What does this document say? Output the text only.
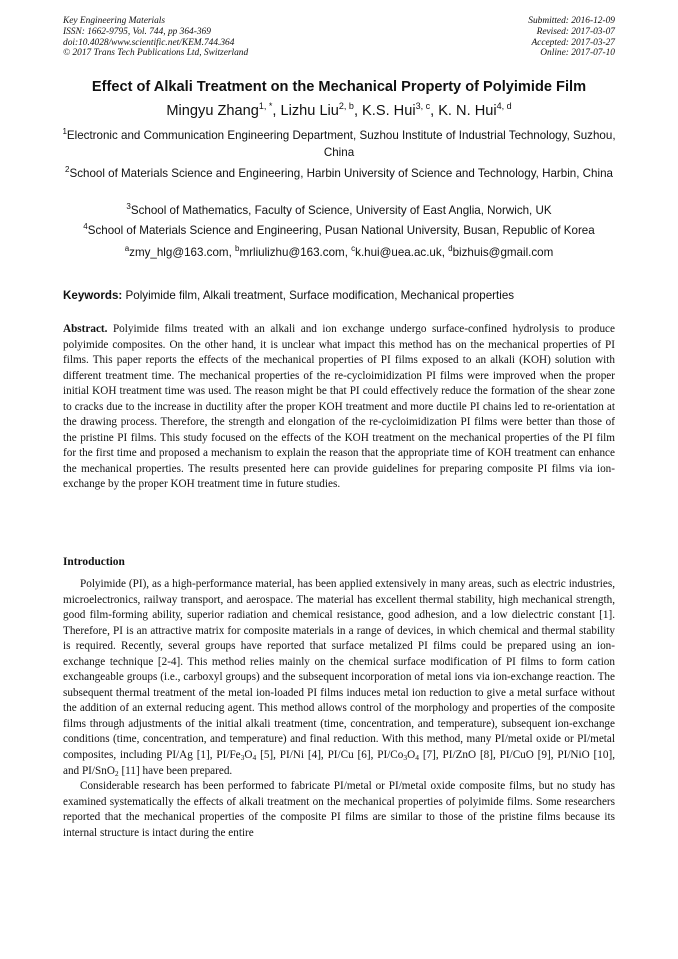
Key Engineering Materials
ISSN: 1662-9795, Vol. 744, pp 364-369
doi:10.4028/www.scientific.net/KEM.744.364
© 2017 Trans Tech Publications Ltd, Switzerland
Submitted: 2016-12-09
Revised: 2017-03-07
Accepted: 2017-03-27
Online: 2017-07-10
Effect of Alkali Treatment on the Mechanical Property of Polyimide Film
Mingyu Zhang$^{1, *}$, Lizhu Liu$^{2, b}$, K.S. Hui$^{3, c}$, K. N. Hui$^{4, d}$
$^1$Electronic and Communication Engineering Department, Suzhou Institute of Industrial Technology, Suzhou, China
$^2$School of Materials Science and Engineering, Harbin University of Science and Technology, Harbin, China
$^3$School of Mathematics, Faculty of Science, University of East Anglia, Norwich, UK
$^4$School of Materials Science and Engineering, Pusan National University, Busan, Republic of Korea
$^a$zmy_hlg@163.com, $^b$mrliulizhu@163.com, $^c$k.hui@uea.ac.uk, $^d$bizhuis@gmail.com
Keywords: Polyimide film, Alkali treatment, Surface modification, Mechanical properties
Abstract. Polyimide films treated with an alkali and ion exchange undergo surface-confined hydrolysis to produce polyimide composites. On the other hand, it is unclear what impact this method has on the mechanical properties of PI films. This paper reports the effects of the mechanical properties of PI films exposed to an alkali (KOH) solution with different treatment time. The mechanical properties of the re-cycloimidization PI films were improved when the proper initial KOH treatment time was used. The reason might be that PI could effectively reduce the formation of the shear zone to cracks due to the increase in ductility after the proper KOH treatment and more ductile PI chains led to re-orientation at the drawing process. Therefore, the strength and elongation of the re-cycloimidization PI films were better than those of the pristine PI films. This study focused on the effects of the KOH treatment on the mechanical properties of the PI film for the first time and proposed a mechanism to explain the reason that the appropriate time of KOH treatment can enhance the mechanical properties. The results presented here can provide guidelines for preparing composite PI films via ion-exchange by the proper KOH treatment time in future studies.
Introduction

Polyimide (PI), as a high-performance material, has been applied extensively in many areas, such as electric industries, microelectronics, railway transport, and aerospace. The material has excellent thermal stability, high mechanical strength, good film-forming ability, superior radiation and chemical resistance, good adhesion, and a low dielectric constant [1]. Therefore, PI is an attractive matrix for composite materials in a range of devices, in which chemical and thermal stability is required. Recently, several groups have reported that surface metalized PI films could be prepared using an ion-exchange technique [2-4]. This method relies mainly on the chemical surface modification of PI films to form cation exchangeable groups (i.e., carboxyl groups) and the subsequent incorporation of metal ions via ion-exchange reaction. The subsequent thermal treatment of the metal ion-loaded PI films induces metal ion reduction to give a metal surface without the addition of an external reducing agent. This method allows control of the morphology and properties of the composite films through adjustments of the initial alkali treatment (time, concentration, and temperature), subsequent ion-exchange conditions (time, concentration, and temperature) and final reduction. With this method, many PI/metal oxide or PI/metal composites, including PI/Ag [1], $PI/Fe_3O_4$ [5], PI/Ni [4], PI/Cu [6], $PI/Co_3O_4$ [7], PI/ZnO [8], PI/CuO [9], PI/NiO [10], and PI/SnO$_2$ [11] have been prepared.

Considerable research has been performed to fabricate PI/metal or PI/metal oxide composite films, but no study has examined systematically the effects of alkali treatment on the mechanical properties of polyimide films. Some researchers reported that the mechanical properties of the composite PI films are similar to those of the pristine films because its internal structure is intact during the entire
